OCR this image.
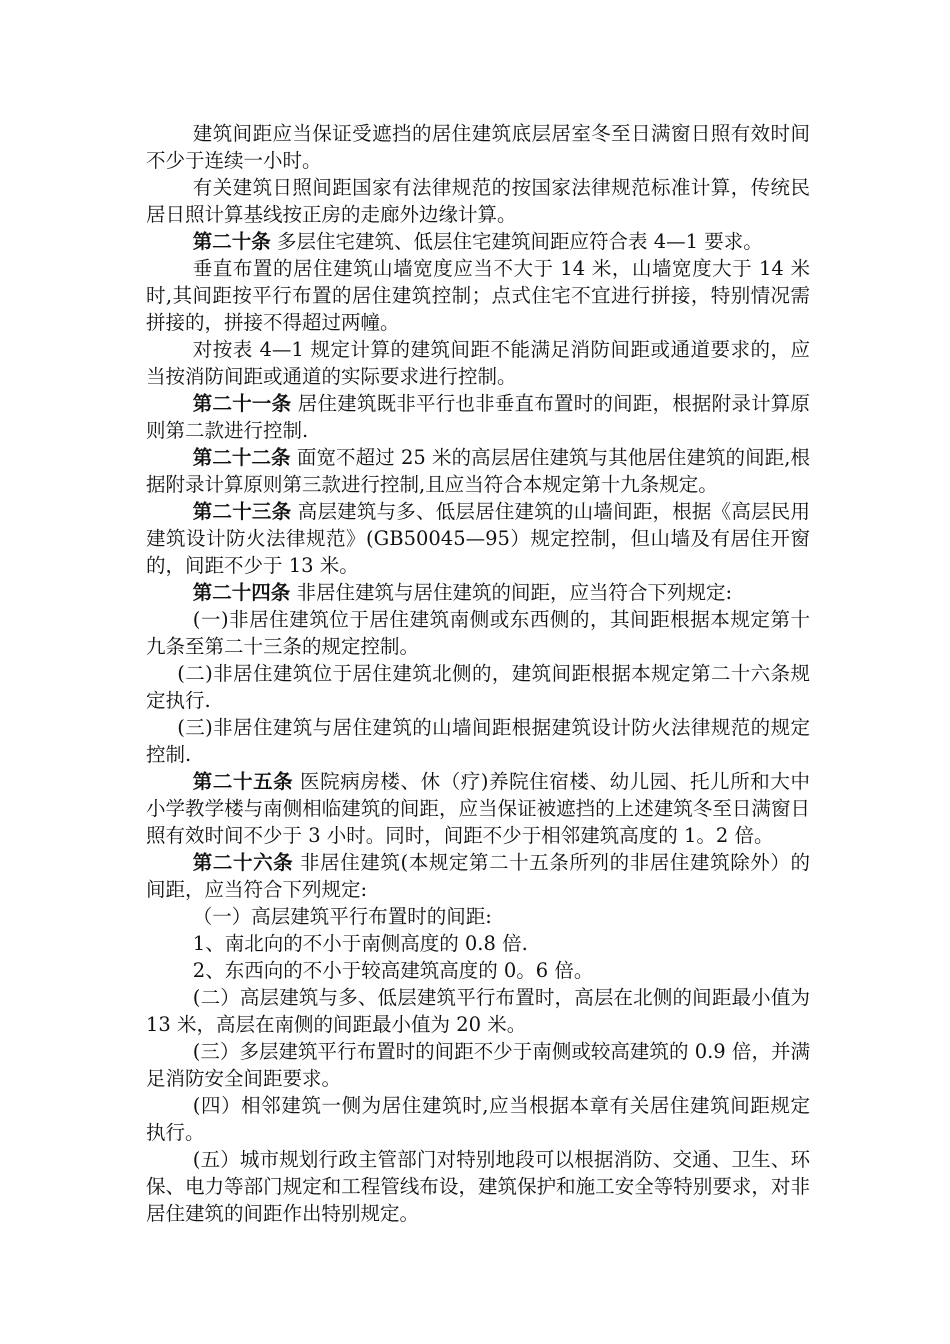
建筑间距应当保证受遮挡的居住建筑底层居室冬至日满窗日照有效时间不少于连续一小时。

有关建筑日照间距国家有法律规范的按国家法律规范标准计算，传统民居日照计算基线按正房的走廊外边缘计算。

第二十条 多层住宅建筑、低层住宅建筑间距应符合表 4—1 要求。

垂直布置的居住建筑山墙宽度应当不大于 14 米，山墙宽度大于 14 米时,其间距按平行布置的居住建筑控制；点式住宅不宜进行拼接，特别情况需拼接的，拼接不得超过两幢。

对按表 4—1 规定计算的建筑间距不能满足消防间距或通道要求的，应当按消防间距或通道的实际要求进行控制。

第二十一条 居住建筑既非平行也非垂直布置时的间距，根据附录计算原则第二款进行控制.

第二十二条 面宽不超过 25 米的高层居住建筑与其他居住建筑的间距,根据附录计算原则第三款进行控制,且应当符合本规定第十九条规定。

第二十三条 高层建筑与多、低层居住建筑的山墙间距，根据《高层民用建筑设计防火法律规范》(GB50045—95）规定控制，但山墙及有居住开窗的，间距不少于 13 米。

第二十四条 非居住建筑与居住建筑的间距，应当符合下列规定:

(一)非居住建筑位于居住建筑南侧或东西侧的，其间距根据本规定第十九条至第二十三条的规定控制。

(二)非居住建筑位于居住建筑北侧的，建筑间距根据本规定第二十六条规定执行.

(三)非居住建筑与居住建筑的山墙间距根据建筑设计防火法律规范的规定控制.

第二十五条 医院病房楼、休（疗)养院住宿楼、幼儿园、托儿所和大中小学教学楼与南侧相临建筑的间距，应当保证被遮挡的上述建筑冬至日满窗日照有效时间不少于 3 小时。同时，间距不少于相邻建筑高度的 1。2 倍。

第二十六条 非居住建筑(本规定第二十五条所列的非居住建筑除外）的间距，应当符合下列规定:

（一）高层建筑平行布置时的间距:

1、南北向的不小于南侧高度的 0.8 倍.

2、东西向的不小于较高建筑高度的 0。6 倍。

(二）高层建筑与多、低层建筑平行布置时，高层在北侧的间距最小值为 13 米，高层在南侧的间距最小值为 20 米。

(三）多层建筑平行布置时的间距不少于南侧或较高建筑的 0.9 倍，并满足消防安全间距要求。

(四）相邻建筑一侧为居住建筑时,应当根据本章有关居住建筑间距规定执行。

(五）城市规划行政主管部门对特别地段可以根据消防、交通、卫生、环保、电力等部门规定和工程管线布设，建筑保护和施工安全等特别要求，对非居住建筑的间距作出特别规定。
